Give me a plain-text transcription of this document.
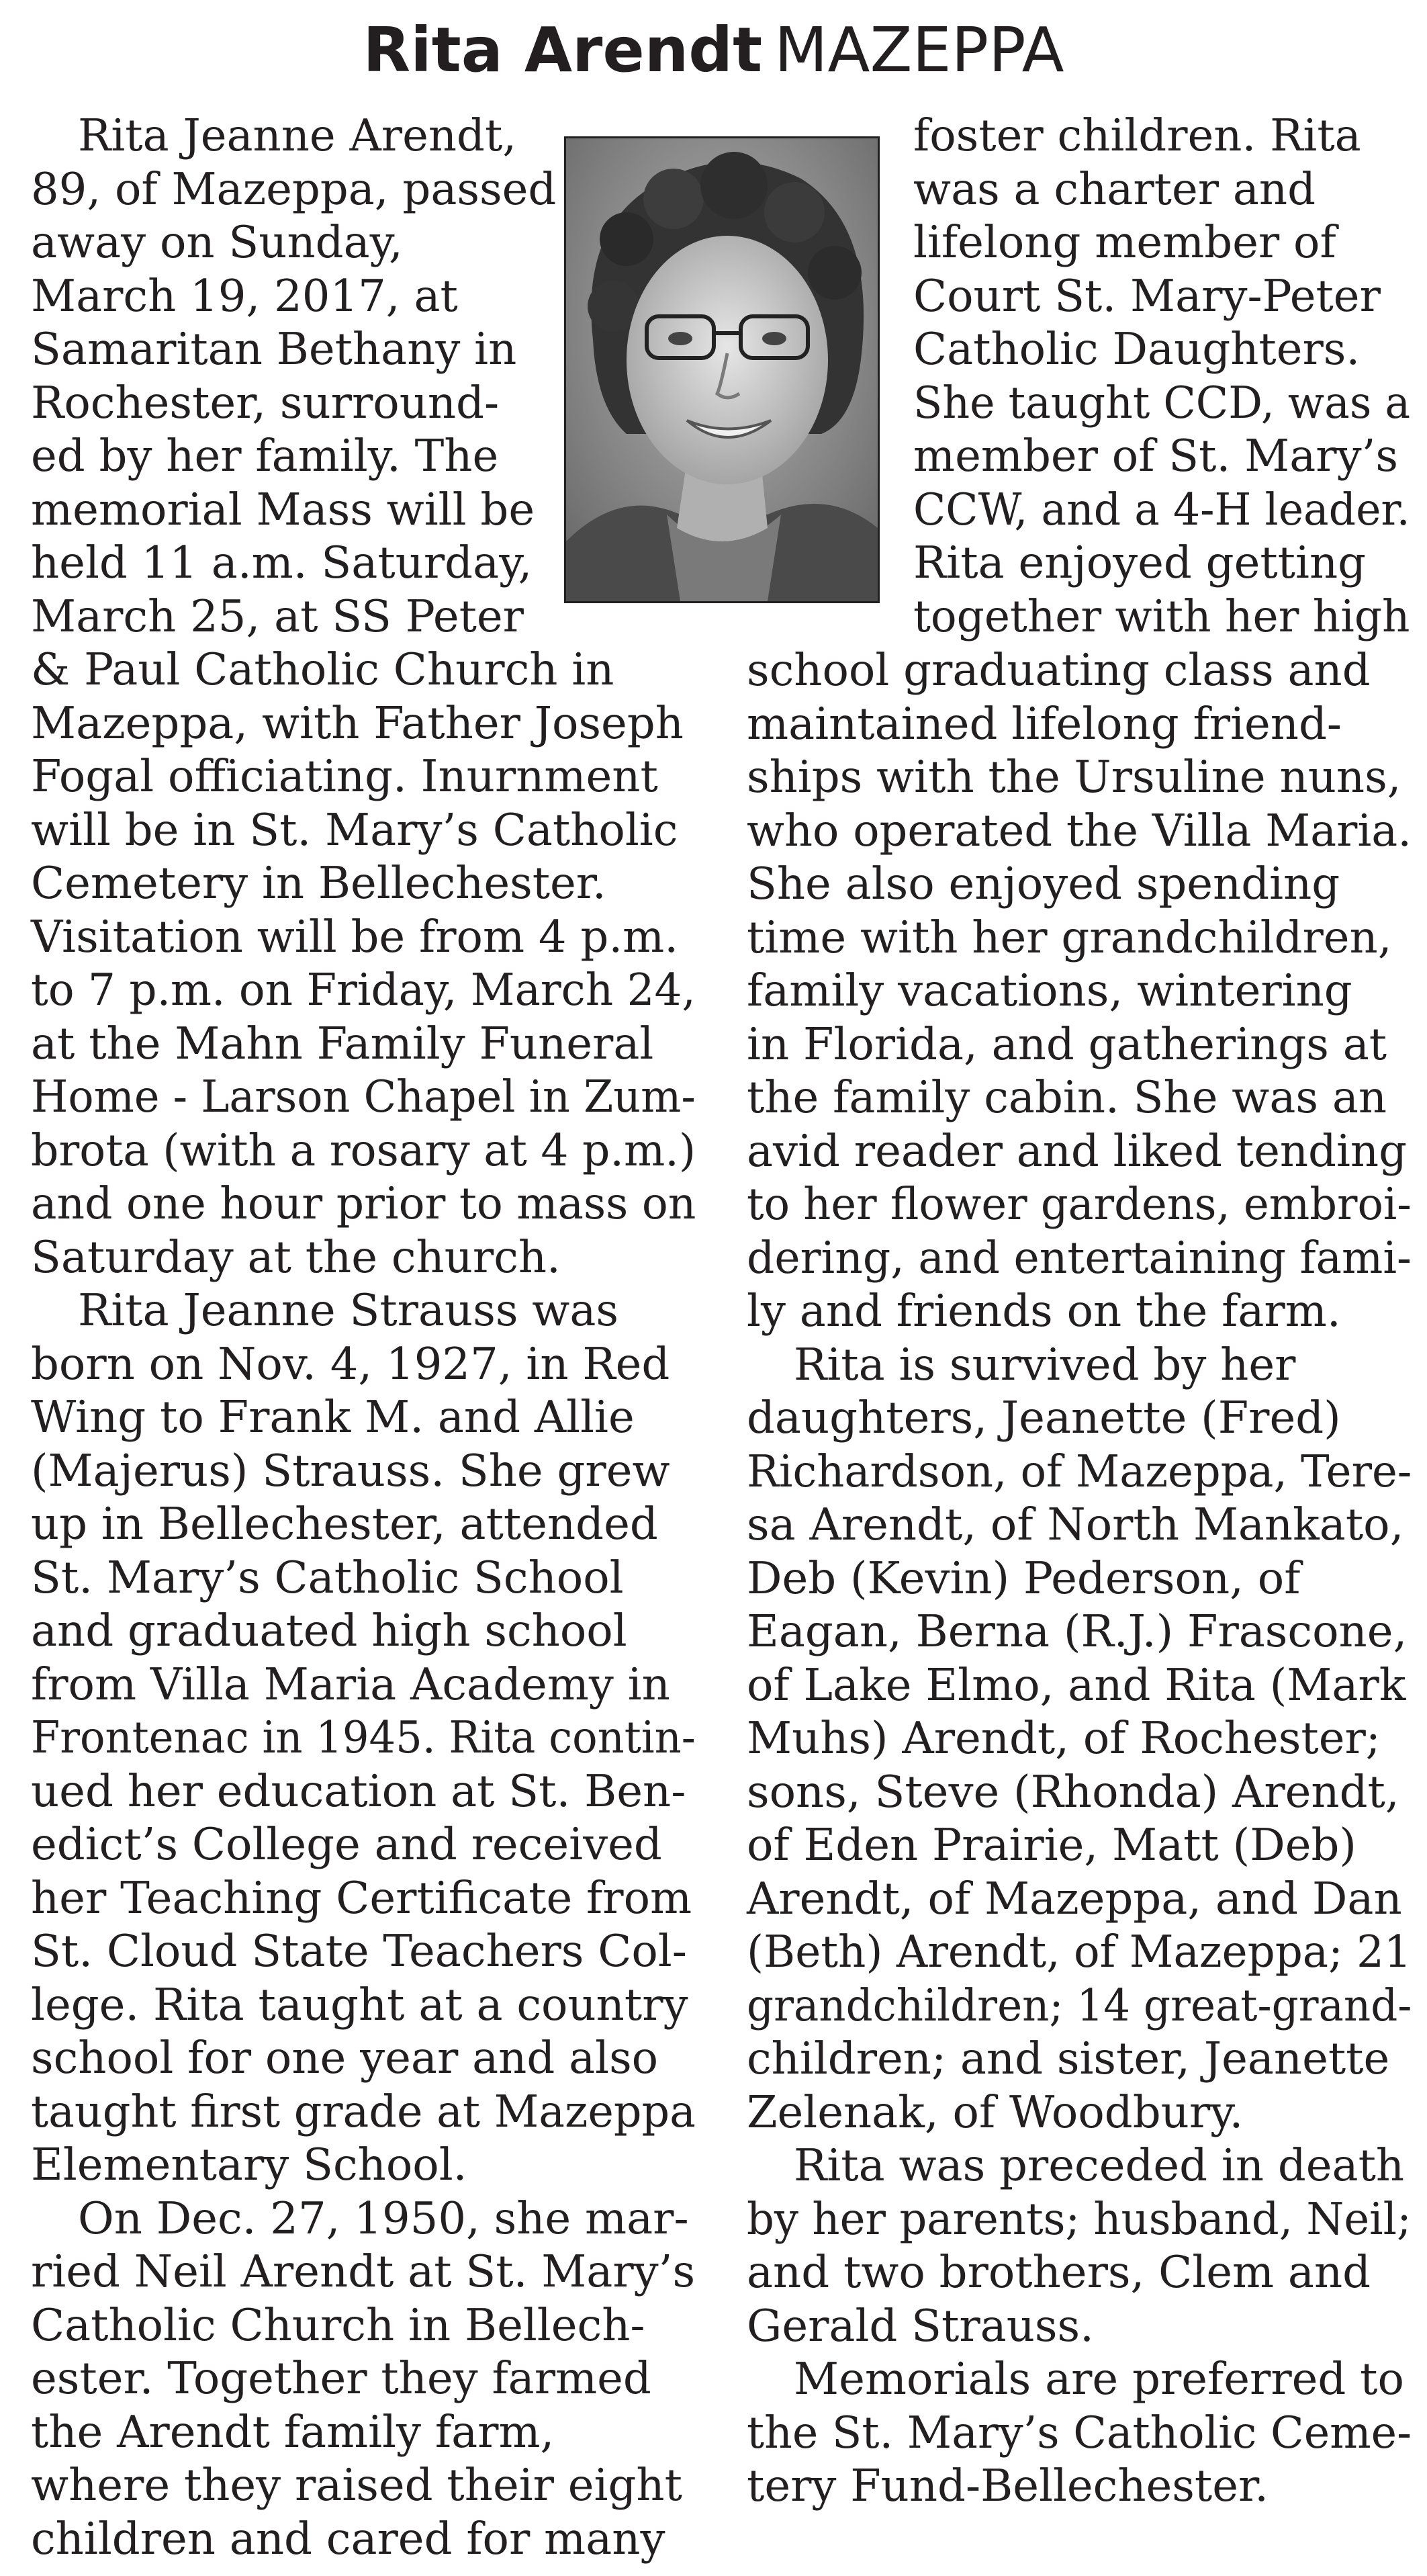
Rita Arendt MAZEPPA
Rita Jeanne Arendt,
89, of Mazeppa, passed
away on Sunday,
March 19, 2017, at
Samaritan Bethany in
Rochester, surround-
ed by her family. The
memorial Mass will be
held 11 a.m. Saturday,
March 25, at SS Peter
& Paul Catholic Church in
Mazeppa, with Father Joseph
Fogal officiating. Inurnment
will be in St. Mary’s Catholic
Cemetery in Bellechester.
Visitation will be from 4 p.m.
to 7 p.m. on Friday, March 24,
at the Mahn Family Funeral
Home - Larson Chapel in Zum-
brota (with a rosary at 4 p.m.)
and one hour prior to mass on
Saturday at the church.
Rita Jeanne Strauss was
born on Nov. 4, 1927, in Red
Wing to Frank M. and Allie
(Majerus) Strauss. She grew
up in Bellechester, attended
St. Mary’s Catholic School
and graduated high school
from Villa Maria Academy in
Frontenac in 1945. Rita contin-
ued her education at St. Ben-
edict’s College and received
her Teaching Certificate from
St. Cloud State Teachers Col-
lege. Rita taught at a country
school for one year and also
taught first grade at Mazeppa
Elementary School.
On Dec. 27, 1950, she mar-
ried Neil Arendt at St. Mary’s
Catholic Church in Bellech-
ester. Together they farmed
the Arendt family farm,
where they raised their eight
children and cared for many
foster children. Rita
was a charter and
lifelong member of
Court St. Mary-Peter
Catholic Daughters.
She taught CCD, was a
member of St. Mary’s
CCW, and a 4-H leader.
Rita enjoyed getting
together with her high
school graduating class and
maintained lifelong friend-
ships with the Ursuline nuns,
who operated the Villa Maria.
She also enjoyed spending
time with her grandchildren,
family vacations, wintering
in Florida, and gatherings at
the family cabin. She was an
avid reader and liked tending
to her flower gardens, embroi-
dering, and entertaining fami-
ly and friends on the farm.
Rita is survived by her
daughters, Jeanette (Fred)
Richardson, of Mazeppa, Tere-
sa Arendt, of North Mankato,
Deb (Kevin) Pederson, of
Eagan, Berna (R.J.) Frascone,
of Lake Elmo, and Rita (Mark
Muhs) Arendt, of Rochester;
sons, Steve (Rhonda) Arendt,
of Eden Prairie, Matt (Deb)
Arendt, of Mazeppa, and Dan
(Beth) Arendt, of Mazeppa; 21
grandchildren; 14 great-grand-
children; and sister, Jeanette
Zelenak, of Woodbury.
Rita was preceded in death
by her parents; husband, Neil;
and two brothers, Clem and
Gerald Strauss.
Memorials are preferred to
the St. Mary’s Catholic Ceme-
tery Fund-Bellechester.
